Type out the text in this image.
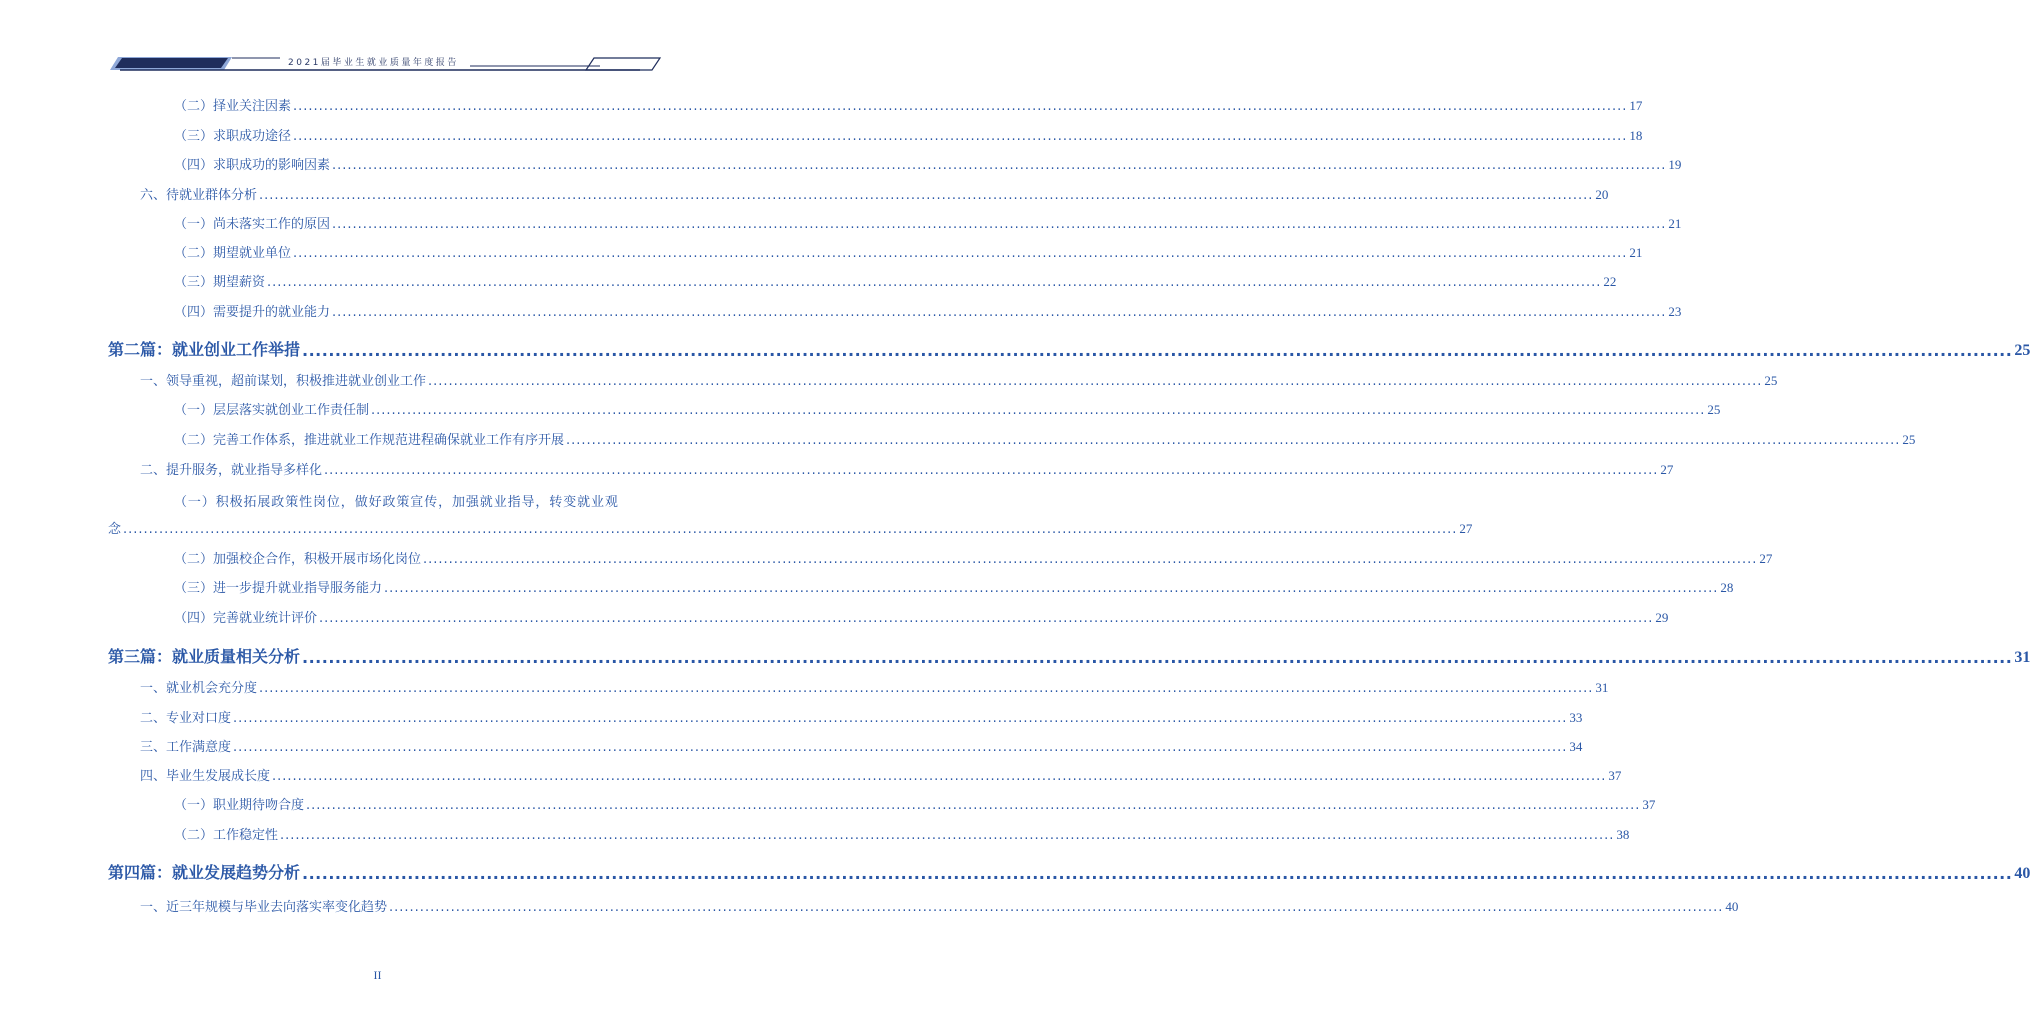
2021届毕业生就业质量年度报告
（二）择业关注因素 .................................................................................................................................................................................................................................................................... 17
（三）求职成功途径 .................................................................................................................................................................................................................................................................... 18
（四）求职成功的影响因素 .................................................................................................................................................................................................................................................................... 19
六、待就业群体分析 .................................................................................................................................................................................................................................................................... 20
（一）尚未落实工作的原因 .................................................................................................................................................................................................................................................................... 21
（二）期望就业单位 .................................................................................................................................................................................................................................................................... 21
（三）期望薪资 .................................................................................................................................................................................................................................................................... 22
（四）需要提升的就业能力 .................................................................................................................................................................................................................................................................... 23
第二篇：就业创业工作举措 .................................................................................................................................................................................................................................................................... 25
一、领导重视，超前谋划，积极推进就业创业工作 .................................................................................................................................................................................................................................................................... 25
（一）层层落实就创业工作责任制 .................................................................................................................................................................................................................................................................... 25
（二）完善工作体系，推进就业工作规范进程确保就业工作有序开展 .................................................................................................................................................................................................................................................................... 25
二、提升服务，就业指导多样化 .................................................................................................................................................................................................................................................................... 27
念 .................................................................................................................................................................................................................................................................... 27
（二）加强校企合作，积极开展市场化岗位 .................................................................................................................................................................................................................................................................... 27
（三）进一步提升就业指导服务能力 .................................................................................................................................................................................................................................................................... 28
（四）完善就业统计评价 .................................................................................................................................................................................................................................................................... 29
第三篇：就业质量相关分析 .................................................................................................................................................................................................................................................................... 31
一、就业机会充分度 .................................................................................................................................................................................................................................................................... 31
二、专业对口度 .................................................................................................................................................................................................................................................................... 33
三、工作满意度 .................................................................................................................................................................................................................................................................... 34
四、毕业生发展成长度 .................................................................................................................................................................................................................................................................... 37
（一）职业期待吻合度 .................................................................................................................................................................................................................................................................... 37
（二）工作稳定性 .................................................................................................................................................................................................................................................................... 38
第四篇：就业发展趋势分析 .................................................................................................................................................................................................................................................................... 40
一、近三年规模与毕业去向落实率变化趋势 .................................................................................................................................................................................................................................................................... 40
（一）积极拓展政策性岗位，做好政策宣传，加强就业指导，转变就业观
II
